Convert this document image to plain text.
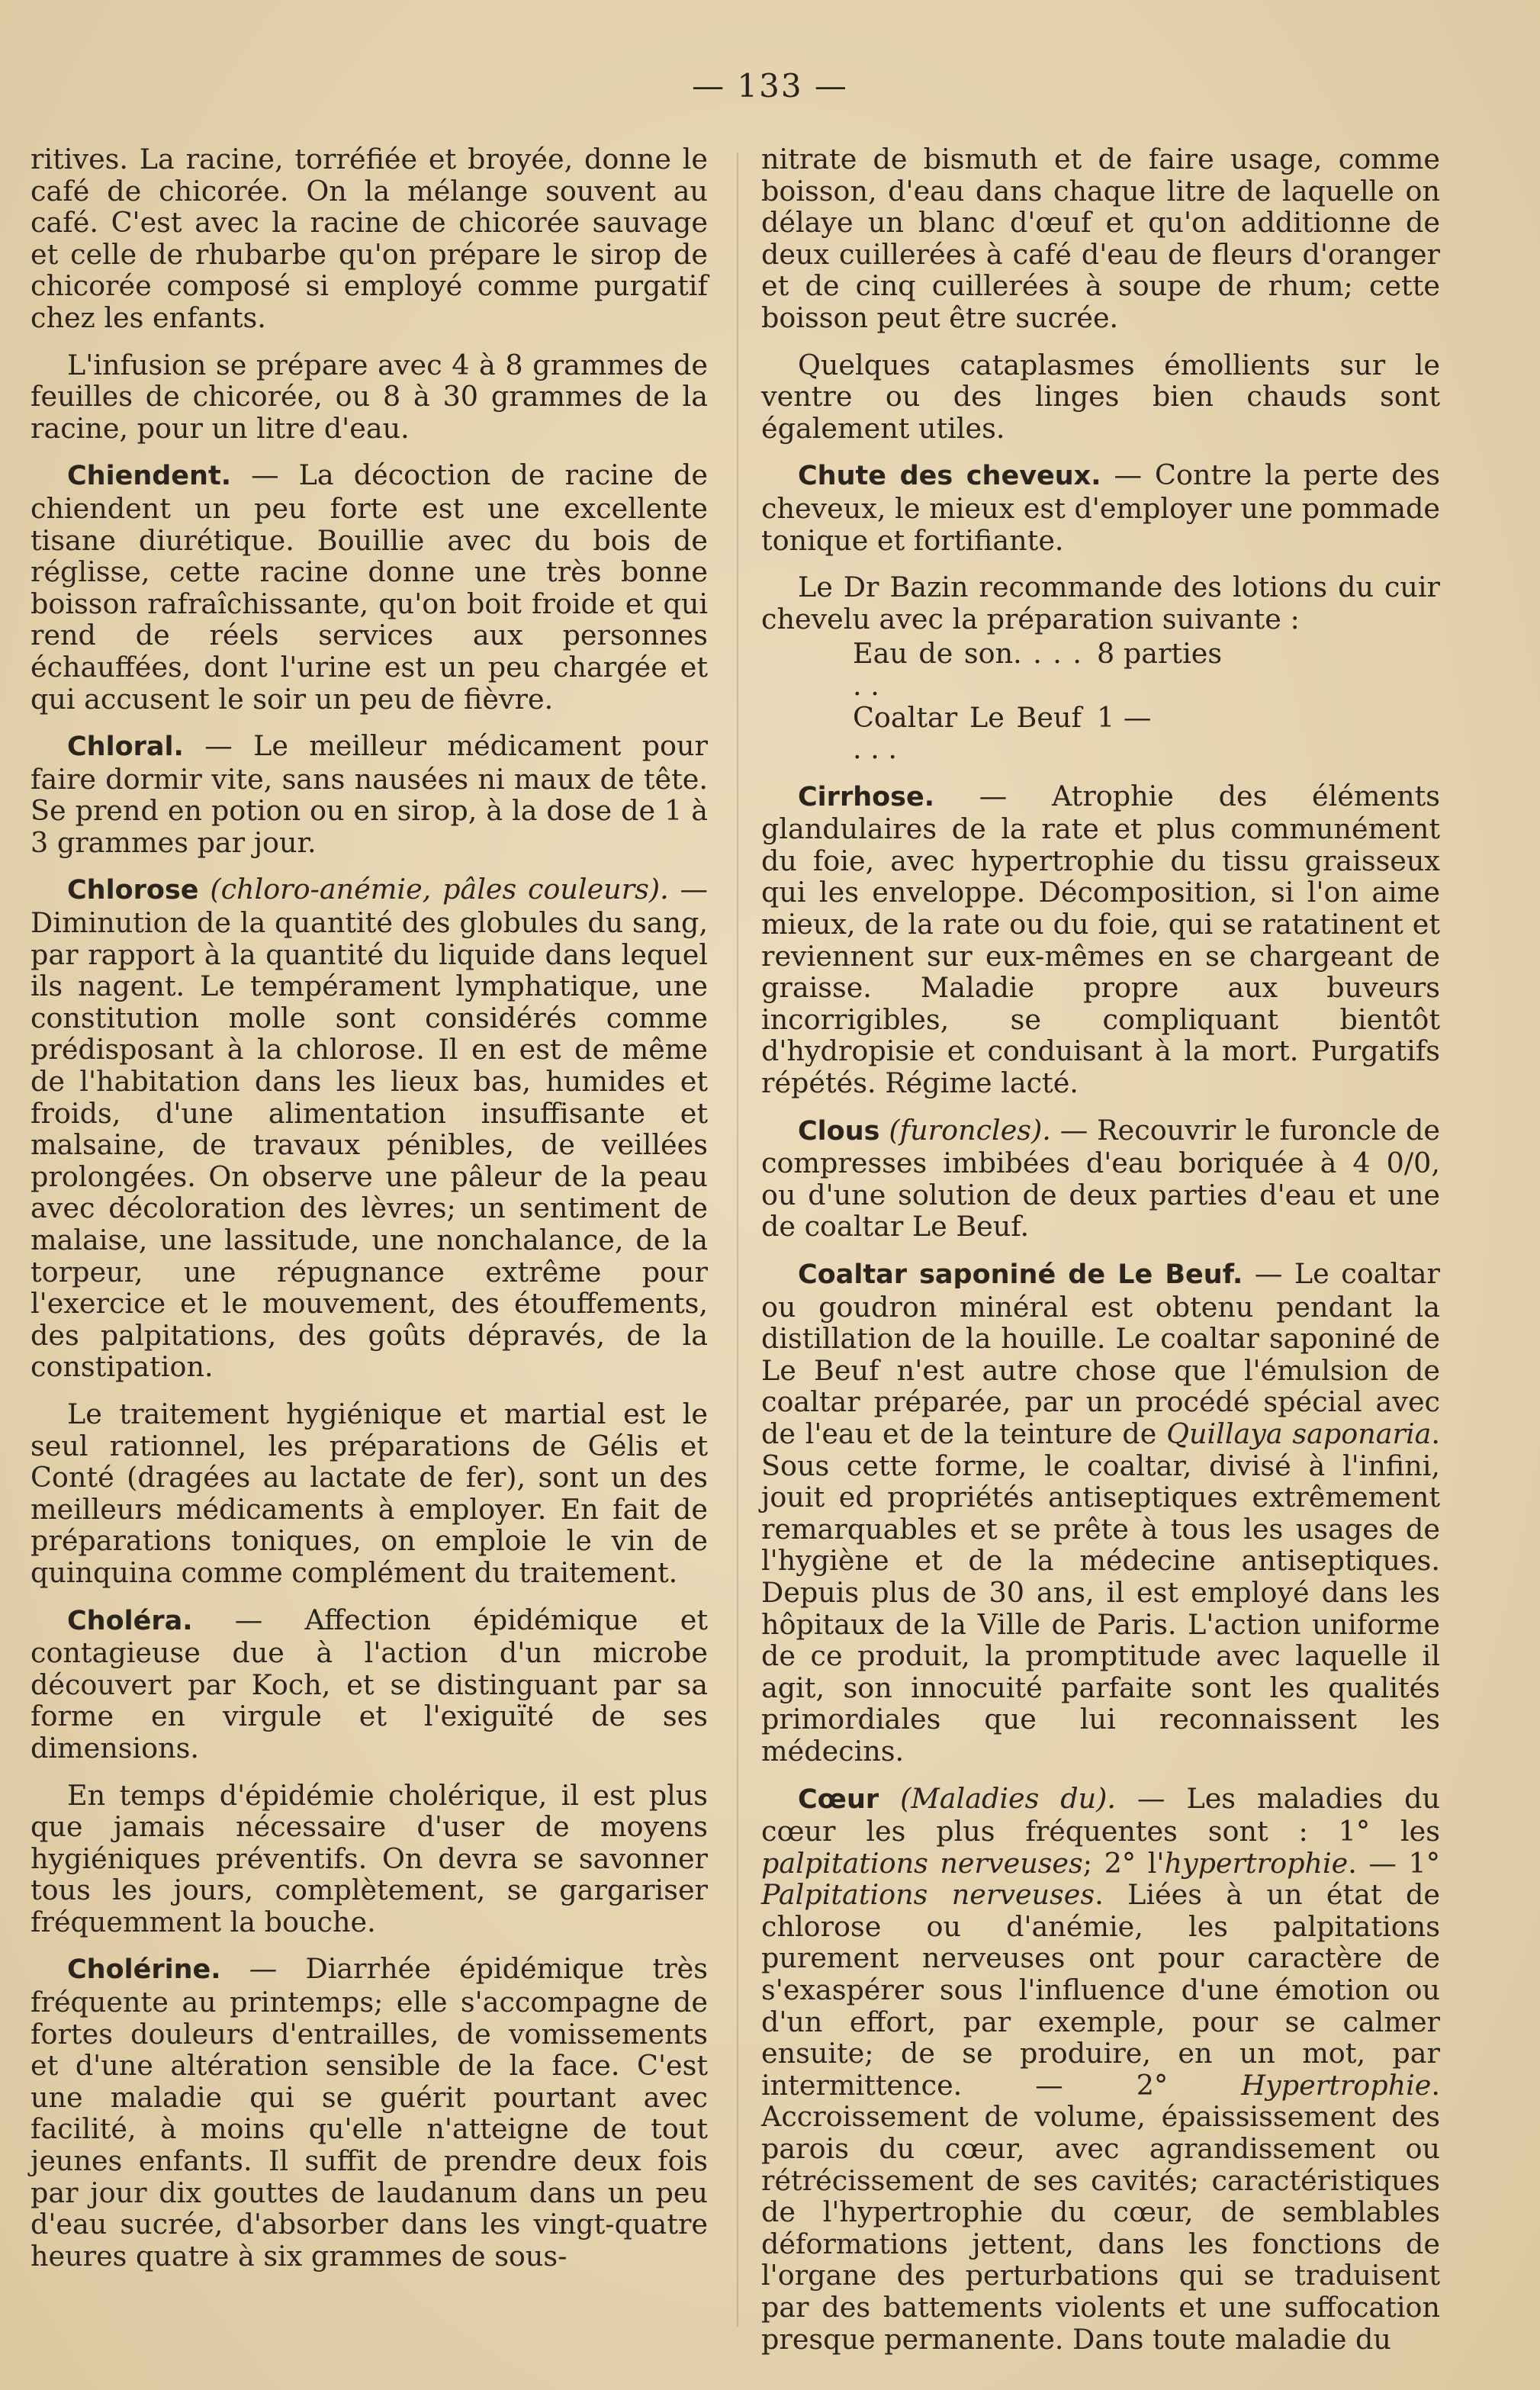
— 133 —

ritives. La racine, torréfiée et broyée, donne le café de chicorée. On la mélange souvent au café. C'est avec la racine de chicorée sauvage et celle de rhubarbe qu'on prépare le sirop de chicorée composé si employé comme purgatif chez les enfants.

L'infusion se prépare avec 4 à 8 grammes de feuilles de chicorée, ou 8 à 30 grammes de la racine, pour un litre d'eau.

Chiendent. — La décoction de racine de chiendent un peu forte est une excellente tisane diurétique. Bouillie avec du bois de réglisse, cette racine donne une très bonne boisson rafraîchissante, qu'on boit froide et qui rend de réels services aux personnes échauffées, dont l'urine est un peu chargée et qui accusent le soir un peu de fièvre.

Chloral. — Le meilleur médicament pour faire dormir vite, sans nausées ni maux de tête. Se prend en potion ou en sirop, à la dose de 1 à 3 grammes par jour.

Chlorose (chloro-anémie, pâles couleurs). — Diminution de la quantité des globules du sang, par rapport à la quantité du liquide dans lequel ils nagent. Le tempérament lymphatique, une constitution molle sont considérés comme prédisposant à la chlorose. Il en est de même de l'habitation dans les lieux bas, humides et froids, d'une alimentation insuffisante et malsaine, de travaux pénibles, de veillées prolongées. On observe une pâleur de la peau avec décoloration des lèvres; un sentiment de malaise, une lassitude, une nonchalance, de la torpeur, une répugnance extrême pour l'exercice et le mouvement, des étouffements, des palpitations, des goûts dépravés, de la constipation.

Le traitement hygiénique et martial est le seul rationnel, les préparations de Gélis et Conté (dragées au lactate de fer), sont un des meilleurs médicaments à employer. En fait de préparations toniques, on emploie le vin de quinquina comme complément du traitement.

Choléra. — Affection épidémique et contagieuse due à l'action d'un microbe découvert par Koch, et se distinguant par sa forme en virgule et l'exiguïté de ses dimensions.

En temps d'épidémie cholérique, il est plus que jamais nécessaire d'user de moyens hygiéniques préventifs. On devra se savonner tous les jours, complètement, se gargariser fréquemment la bouche.

Cholérine. — Diarrhée épidémique très fréquente au printemps; elle s'accompagne de fortes douleurs d'entrailles, de vomissements et d'une altération sensible de la face. C'est une maladie qui se guérit pourtant avec facilité, à moins qu'elle n'atteigne de tout jeunes enfants. Il suffit de prendre deux fois par jour dix gouttes de laudanum dans un peu d'eau sucrée, d'absorber dans les vingt-quatre heures quatre à six grammes de sous-

nitrate de bismuth et de faire usage, comme boisson, d'eau dans chaque litre de laquelle on délaye un blanc d'œuf et qu'on additionne de deux cuillerées à café d'eau de fleurs d'oranger et de cinq cuillerées à soupe de rhum; cette boisson peut être sucrée.

Quelques cataplasmes émollients sur le ventre ou des linges bien chauds sont également utiles.

Chute des cheveux. — Contre la perte des cheveux, le mieux est d'employer une pommade tonique et fortifiante.

Le Dr Bazin recommande des lotions du cuir chevelu avec la préparation suivante :

Eau de son. . . . . .
8 parties
Coaltar Le Beuf . . .
1 —

Cirrhose. — Atrophie des éléments glandulaires de la rate et plus communément du foie, avec hypertrophie du tissu graisseux qui les enveloppe. Décomposition, si l'on aime mieux, de la rate ou du foie, qui se ratatinent et reviennent sur eux-mêmes en se chargeant de graisse. Maladie propre aux buveurs incorrigibles, se compliquant bientôt d'hydropisie et conduisant à la mort. Purgatifs répétés. Régime lacté.

Clous (furoncles). — Recouvrir le furoncle de compresses imbibées d'eau boriquée à 4 0/0, ou d'une solution de deux parties d'eau et une de coaltar Le Beuf.

Coaltar saponiné de Le Beuf. — Le coaltar ou goudron minéral est obtenu pendant la distillation de la houille. Le coaltar saponiné de Le Beuf n'est autre chose que l'émulsion de coaltar préparée, par un procédé spécial avec de l'eau et de la teinture de Quillaya saponaria. Sous cette forme, le coaltar, divisé à l'infini, jouit ed propriétés antiseptiques extrêmement remarquables et se prête à tous les usages de l'hygiène et de la médecine antiseptiques. Depuis plus de 30 ans, il est employé dans les hôpitaux de la Ville de Paris. L'action uniforme de ce produit, la promptitude avec laquelle il agit, son innocuité parfaite sont les qualités primordiales que lui reconnaissent les médecins.

Cœur (Maladies du). — Les maladies du cœur les plus fréquentes sont : 1° les palpitations nerveuses; 2° l'hypertrophie. — 1° Palpitations nerveuses. Liées à un état de chlorose ou d'anémie, les palpitations purement nerveuses ont pour caractère de s'exaspérer sous l'influence d'une émotion ou d'un effort, par exemple, pour se calmer ensuite; de se produire, en un mot, par intermittence. — 2° Hypertrophie. Accroissement de volume, épaississement des parois du cœur, avec agrandissement ou rétrécissement de ses cavités; caractéristiques de l'hypertrophie du cœur, de semblables déformations jettent, dans les fonctions de l'organe des perturbations qui se traduisent par des battements violents et une suffocation presque permanente. Dans toute maladie du
